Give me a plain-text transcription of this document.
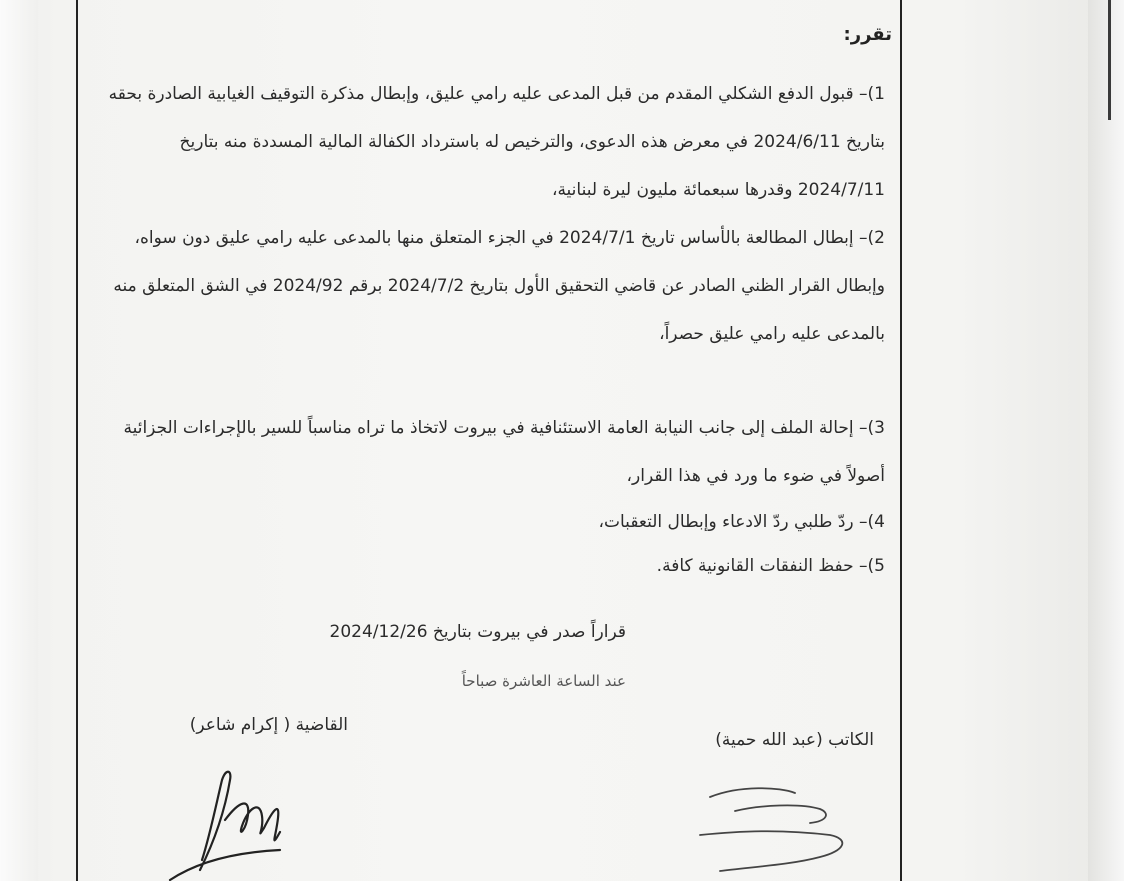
تقرر:

1)– قبول الدفع الشكلي المقدم من قبل المدعى عليه رامي عليق، وإبطال مذكرة التوقيف الغيابية الصادرة بحقه بتاريخ 2024/6/11 في معرض هذه الدعوى، والترخيص له باسترداد الكفالة المالية المسددة منه بتاريخ 2024/7/11 وقدرها سبعمائة مليون ليرة لبنانية،

2)– إبطال المطالعة بالأساس تاريخ 2024/7/1 في الجزء المتعلق منها بالمدعى عليه رامي عليق دون سواه، وإبطال القرار الظني الصادر عن قاضي التحقيق الأول بتاريخ 2024/7/2 برقم 2024/92 في الشق المتعلق منه بالمدعى عليه رامي عليق حصراً،

3)– إحالة الملف إلى جانب النيابة العامة الاستئنافية في بيروت لاتخاذ ما تراه مناسباً للسير بالإجراءات الجزائية أصولاً في ضوء ما ورد في هذا القرار،

4)– ردّ طلبي ردّ الادعاء وإبطال التعقبات،

5)– حفظ النفقات القانونية كافة.

قراراً صدر في بيروت بتاريخ 2024/12/26
عند الساعة العاشرة صباحاً
القاضية ( إكرام شاعر)
الكاتب (عبد الله حمية)
